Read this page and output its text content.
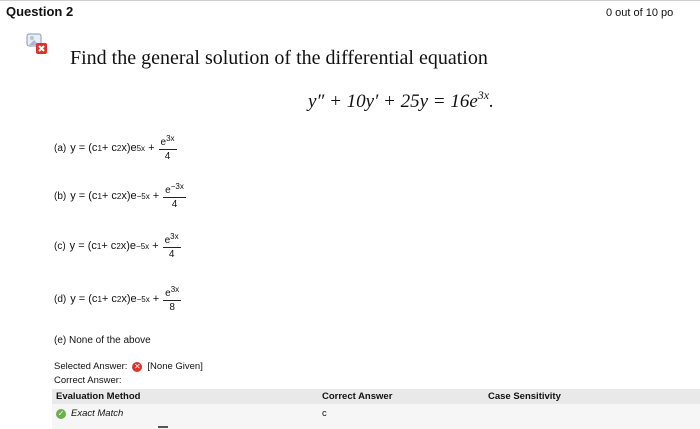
Question 2	0 out of 10 po
Find the general solution of the differential equation
$y'' + 10y' + 25y = 16e^{3x}$.
(a) y = (c 1 + c 2 x)e $5x + \frac{e^{3x}}{4}$
(b) y = (c 1 + c 2 $x)e -5x + \frac{e^{-3x}}{4}$
(c) y = (c 1 + c 2 $x)e -5x + \frac{e^{3x}}{4}$
(d) y = (c 1 + c 2 $x)e -5x + \frac{e^{3x}}{8}$
(e) None of the above
Selected Answer: ✕ [None Given]
Correct Answer:
Evaluation Method	Correct Answer	Case Sensitivity
✓ Exact Match	c
